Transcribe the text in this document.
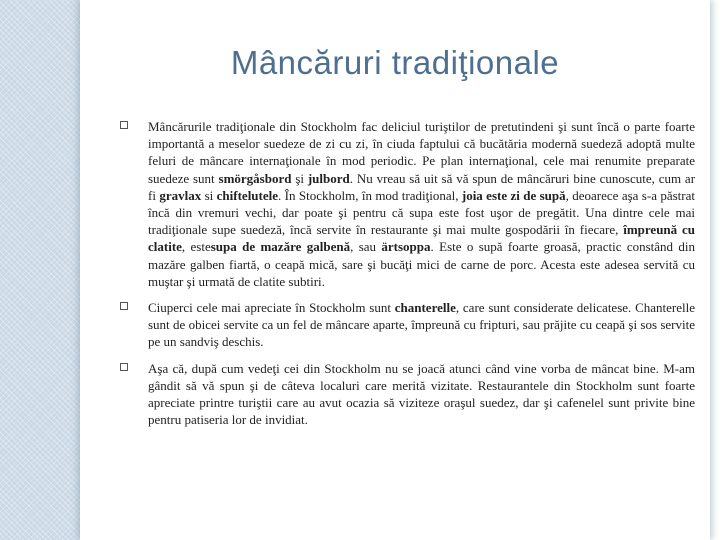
Mâncăruri tradiţionale

Mâncărurile tradiţionale din Stockholm fac deliciul turiştilor de pretutindeni şi sunt încă o parte foarte importantă a meselor suedeze de zi cu zi, în ciuda faptului că bucătăria modernă suedeză adoptă multe feluri de mâncare internaţionale în mod periodic. Pe plan internaţional, cele mai renumite preparate suedeze sunt smörgåsbord şi julbord. Nu vreau să uit să vă spun de mâncăruri bine cunoscute, cum ar fi gravlax si chiftelutele. În Stockholm, în mod tradiţional, joia este zi de supă, deoarece aşa s-a păstrat încă din vremuri vechi, dar poate şi pentru că supa este fost uşor de pregătit. Una dintre cele mai tradiţionale supe suedeză, încă servite în restaurante şi mai multe gospodării în fiecare, împreună cu clatite, estesupa de mazăre galbenă, sau ärtsoppa. Este o supă foarte groasă, practic constând din mazăre galben fiartă, o ceapă mică, sare şi bucăţi mici de carne de porc. Acesta este adesea servită cu muştar şi urmată de clatite subtiri.

Ciuperci cele mai apreciate în Stockholm sunt chanterelle, care sunt considerate delicatese. Chanterelle sunt de obicei servite ca un fel de mâncare aparte, împreună cu fripturi, sau prăjite cu ceapă şi sos servite pe un sandviş deschis.

Aşa că, după cum vedeţi cei din Stockholm nu se joacă atunci când vine vorba de mâncat bine. M-am gândit să vă spun şi de câteva localuri care merită vizitate. Restaurantele din Stockholm sunt foarte apreciate printre turiştii care au avut ocazia să viziteze oraşul suedez, dar şi cafenelel sunt privite bine pentru patiseria lor de invidiat.
